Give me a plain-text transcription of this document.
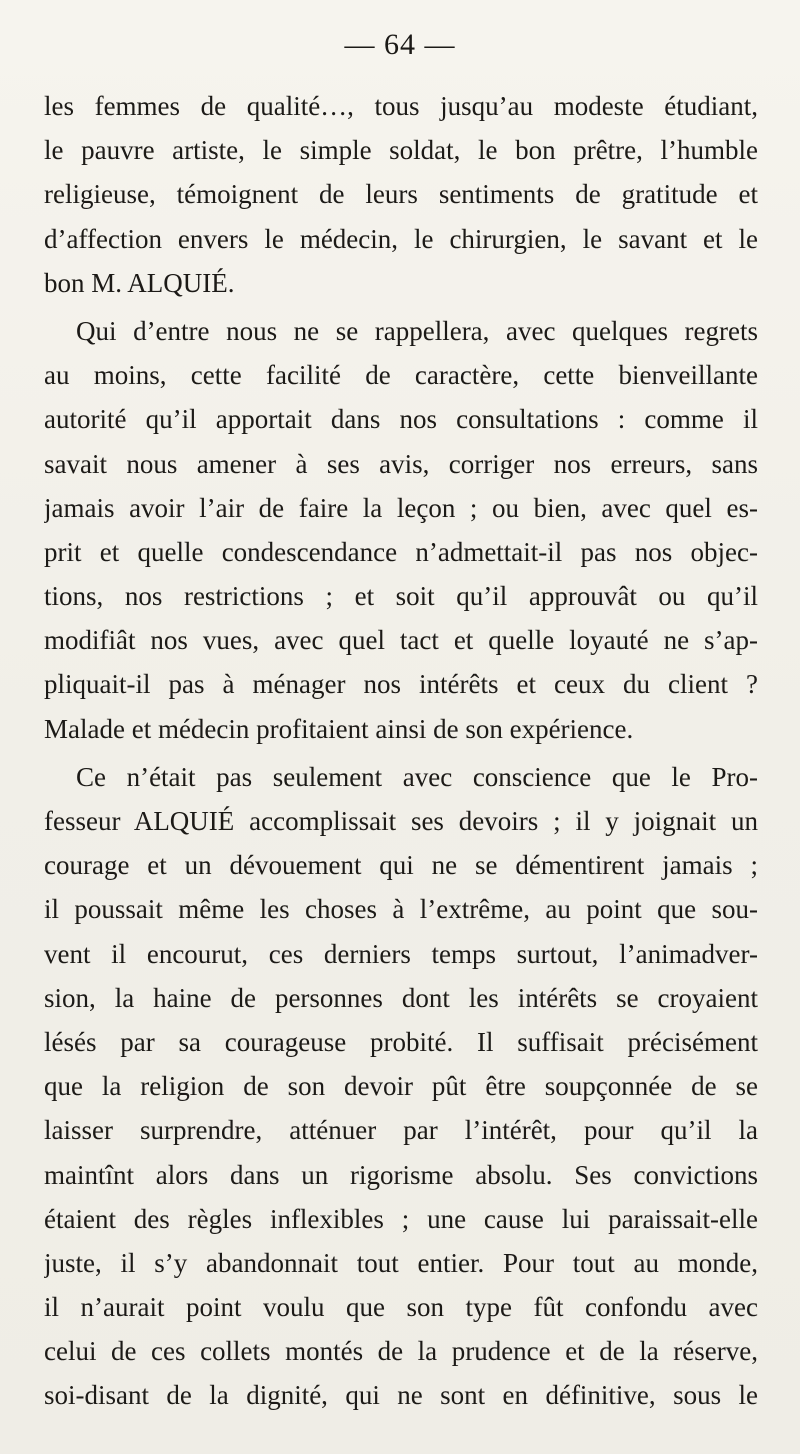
— 64 —
les femmes de qualité…, tous jusqu’au modeste étudiant,
le pauvre artiste, le simple soldat, le bon prêtre, l’humble
religieuse, témoignent de leurs sentiments de gratitude et
d’affection envers le médecin, le chirurgien, le savant et le
bon M. ALQUIÉ.
Qui d’entre nous ne se rappellera, avec quelques regrets
au moins, cette facilité de caractère, cette bienveillante
autorité qu’il apportait dans nos consultations : comme il
savait nous amener à ses avis, corriger nos erreurs, sans
jamais avoir l’air de faire la leçon ; ou bien, avec quel es-
prit et quelle condescendance n’admettait-il pas nos objec-
tions, nos restrictions ; et soit qu’il approuvât ou qu’il
modifiât nos vues, avec quel tact et quelle loyauté ne s’ap-
pliquait-il pas à ménager nos intérêts et ceux du client ?
Malade et médecin profitaient ainsi de son expérience.
Ce n’était pas seulement avec conscience que le Pro-
fesseur ALQUIÉ accomplissait ses devoirs ; il y joignait un
courage et un dévouement qui ne se démentirent jamais ;
il poussait même les choses à l’extrême, au point que sou-
vent il encourut, ces derniers temps surtout, l’animadver-
sion, la haine de personnes dont les intérêts se croyaient
lésés par sa courageuse probité. Il suffisait précisément
que la religion de son devoir pût être soupçonnée de se
laisser surprendre, atténuer par l’intérêt, pour qu’il la
maintînt alors dans un rigorisme absolu. Ses convictions
étaient des règles inflexibles ; une cause lui paraissait-elle
juste, il s’y abandonnait tout entier. Pour tout au monde,
il n’aurait point voulu que son type fût confondu avec
celui de ces collets montés de la prudence et de la réserve,
soi-disant de la dignité, qui ne sont en définitive, sous le
